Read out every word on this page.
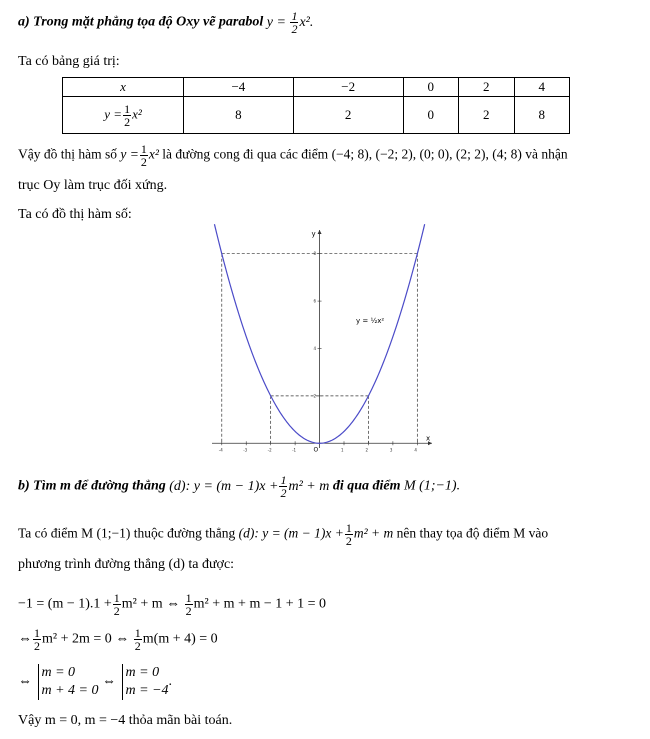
a) Trong mặt phẳng tọa độ Oxy vẽ parabol $y = \frac{1}{2} x^2$.
Ta có bảng giá trị:
x	−4	−2	0	2	4
$y = \frac{1}{2} x^2$	8	2	0	2	8
Vậy đồ thị hàm số $y = \frac{1}{2} x^2$ là đường cong đi qua các điểm (−4; 8), (−2; 2), (0; 0), (2; 2), (4; 8) và nhận
trục Oy làm trục đối xứng.
Ta có đồ thị hàm số:
-4	-3	-2	-1	1	2	3	4
2
4
6
8
y = ½x²
x
y
O
b) Tìm m để đường thẳng (d): $y = (m - 1)x + \frac{1}{2} m^2 + m$ đi qua điểm M (1;−1).
Ta có điểm M (1;−1) thuộc đường thẳng (d): $y = (m - 1)x + \frac{1}{2} m^2 + m$ nên thay tọa độ điểm M vào
phương trình đường thẳng (d) ta được:
$-1 = (m - 1).1 + \frac{1}{2} m^2 + m$ ⇔ $\frac{1}{2} m^2 + m + m - 1 + 1 = 0$
⇔ $\frac{1}{2} m^2 + 2m = 0$ ⇔ $\frac{1}{2} m(m + 4) = 0$
⇔
m = 0
m + 4 = 0
⇔
m = 0
m = −4
.
Vậy m = 0, m = −4 thỏa mãn bài toán.
